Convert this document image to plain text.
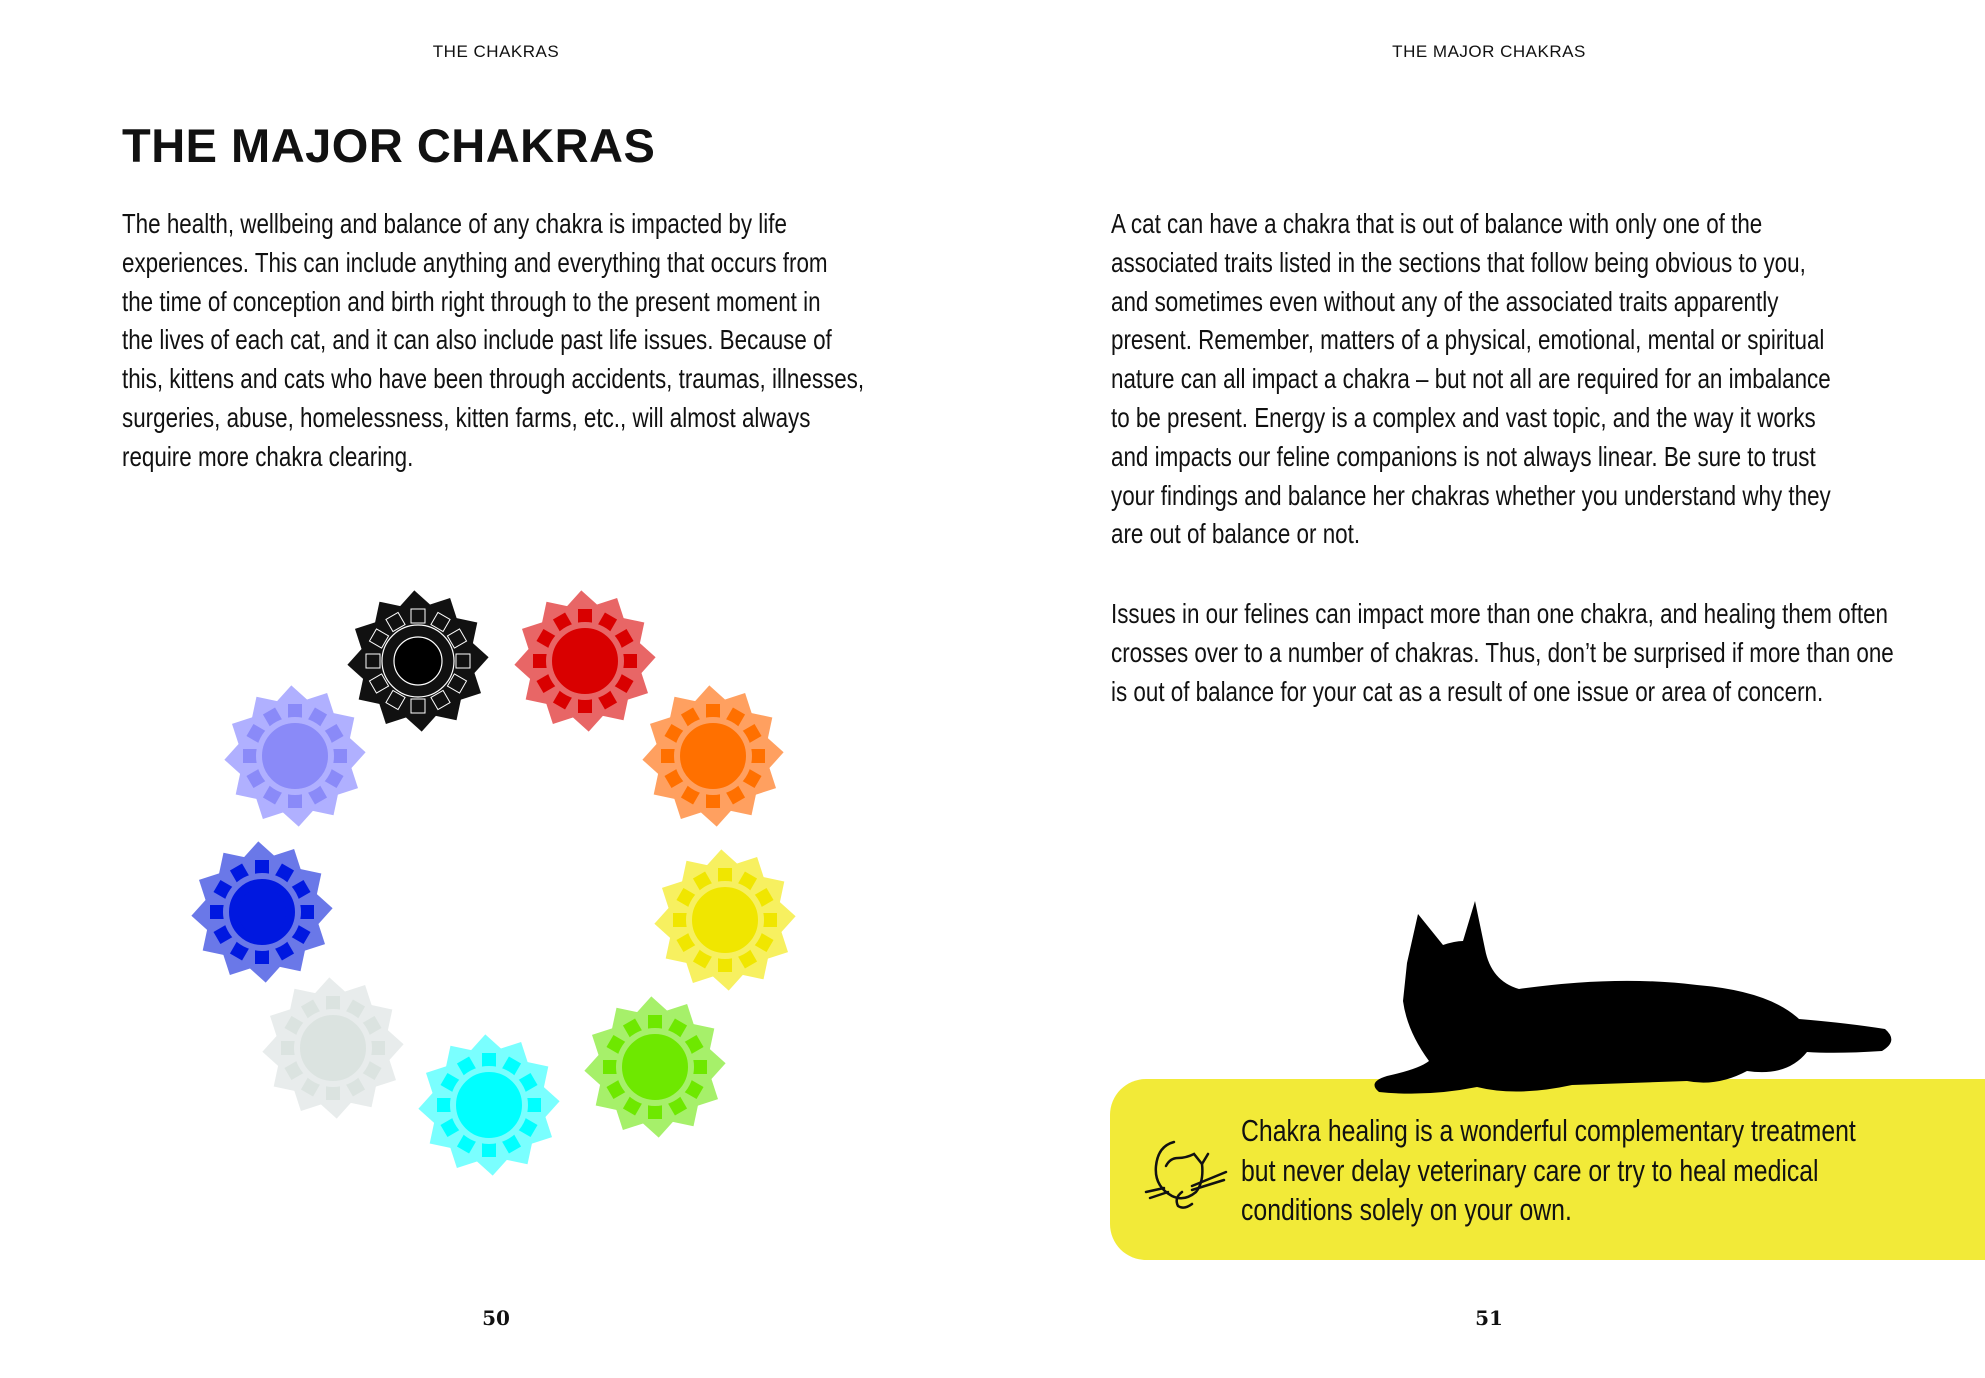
THE CHAKRAS
THE MAJOR CHAKRAS
The health, wellbeing and balance of any chakra is impacted by life
experiences. This can include anything and everything that occurs from
the time of conception and birth right through to the present moment in
the lives of each cat, and it can also include past life issues. Because of
this, kittens and cats who have been through accidents, traumas, illnesses,
surgeries, abuse, homelessness, kitten farms, etc., will almost always
require more chakra clearing.
50
THE MAJOR CHAKRAS
A cat can have a chakra that is out of balance with only one of the
associated traits listed in the sections that follow being obvious to you,
and sometimes even without any of the associated traits apparently
present. Remember, matters of a physical, emotional, mental or spiritual
nature can all impact a chakra – but not all are required for an imbalance
to be present. Energy is a complex and vast topic, and the way it works
and impacts our feline companions is not always linear. Be sure to trust
your findings and balance her chakras whether you understand why they
are out of balance or not.
Issues in our felines can impact more than one chakra, and healing them often
crosses over to a number of chakras. Thus, don’t be surprised if more than one
is out of balance for your cat as a result of one issue or area of concern.
Chakra healing is a wonderful complementary treatment
but never delay veterinary care or try to heal medical
conditions solely on your own.
51
